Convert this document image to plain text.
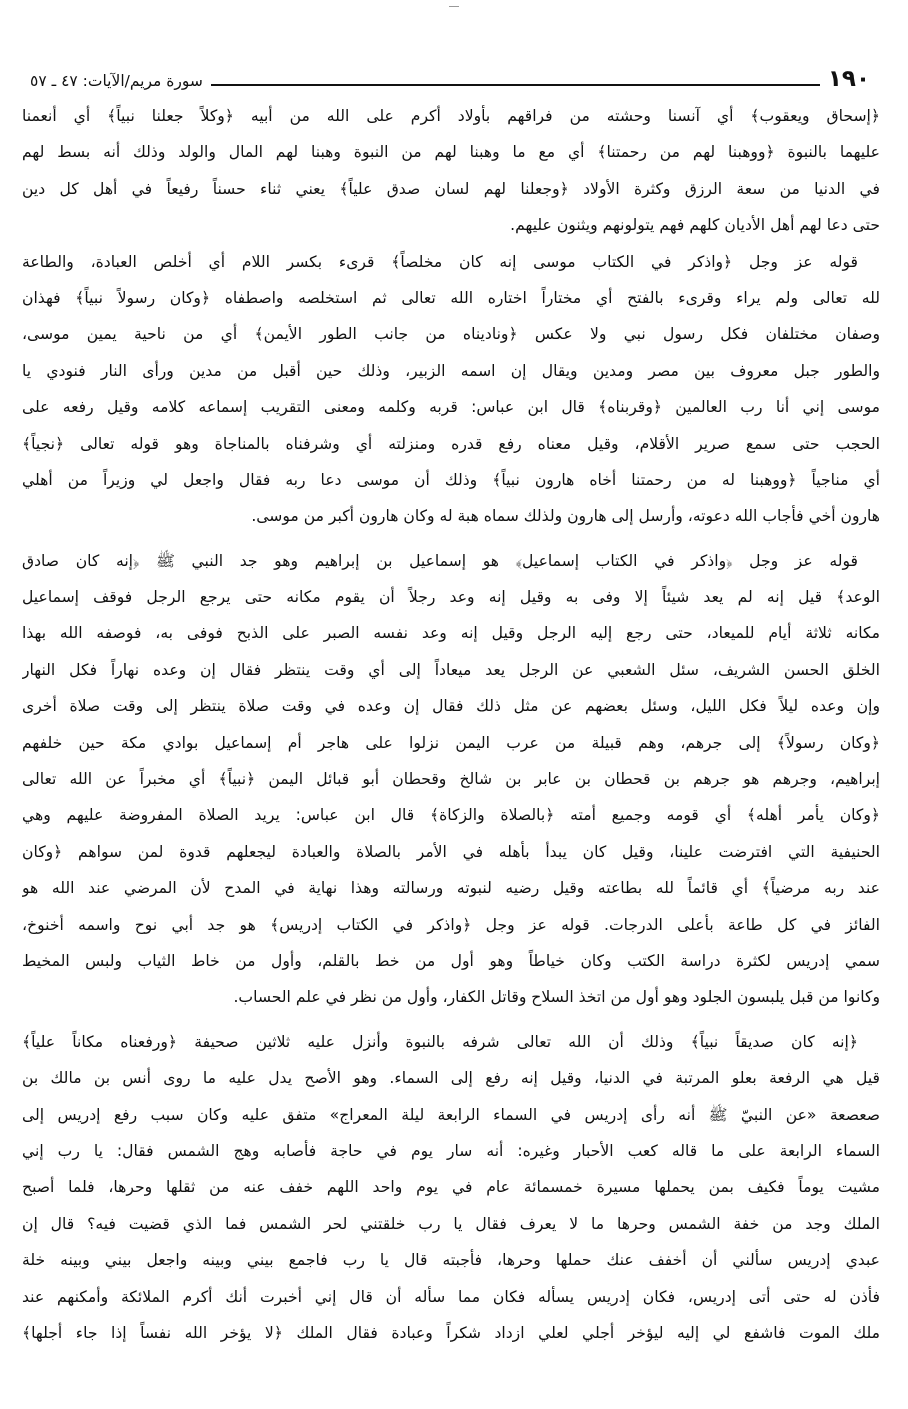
١٩٠
سورة مريم/الآيات: ٤٧ ـ ٥٧
﴿إسحاق ويعقوب﴾ أي آنسنا وحشته من فراقهم بأولاد أكرم على الله من أبيه ﴿وكلاً جعلنا نبياً﴾ أي أنعمنا
عليهما بالنبوة ﴿ووهبنا لهم من رحمتنا﴾ أي مع ما وهبنا لهم من النبوة وهبنا لهم المال والولد وذلك أنه بسط لهم
في الدنيا من سعة الرزق وكثرة الأولاد ﴿وجعلنا لهم لسان صدق علياً﴾ يعني ثناء حسناً رفيعاً في أهل كل دين
حتى دعا لهم أهل الأديان كلهم فهم يتولونهم ويثنون عليهم.
قوله عز وجل ﴿واذكر في الكتاب موسى إنه كان مخلصاً﴾ قرىء بكسر اللام أي أخلص العبادة، والطاعة
لله تعالى ولم يراء وقرىء بالفتح أي مختاراً اختاره الله تعالى ثم استخلصه واصطفاه ﴿وكان رسولاً نبياً﴾ فهذان
وصفان مختلفان فكل رسول نبي ولا عكس ﴿وناديناه من جانب الطور الأيمن﴾ أي من ناحية يمين موسى،
والطور جبل معروف بين مصر ومدين ويقال إن اسمه الزبير، وذلك حين أقبل من مدين ورأى النار فنودي يا
موسى إني أنا رب العالمين ﴿وقربناه﴾ قال ابن عباس: قربه وكلمه ومعنى التقريب إسماعه كلامه وقيل رفعه على
الحجب حتى سمع صرير الأقلام، وقيل معناه رفع قدره ومنزلته أي وشرفناه بالمناجاة وهو قوله تعالى ﴿نجياً﴾
أي مناجياً ﴿ووهبنا له من رحمتنا أخاه هارون نبياً﴾ وذلك أن موسى دعا ربه فقال واجعل لي وزيراً من أهلي
هارون أخي فأجاب الله دعوته، وأرسل إلى هارون ولذلك سماه هبة له وكان هارون أكبر من موسى.
قوله عز وجل ﴿واذكر في الكتاب إسماعيل﴾ هو إسماعيل بن إبراهيم وهو جد النبي ﷺ ﴿إنه كان صادق
الوعد﴾ قيل إنه لم يعد شيئاً إلا وفى به وقيل إنه وعد رجلاً أن يقوم مكانه حتى يرجع الرجل فوقف إسماعيل
مكانه ثلاثة أيام للميعاد، حتى رجع إليه الرجل وقيل إنه وعد نفسه الصبر على الذبح فوفى به، فوصفه الله بهذا
الخلق الحسن الشريف، سئل الشعبي عن الرجل يعد ميعاداً إلى أي وقت ينتظر فقال إن وعده نهاراً فكل النهار
وإن وعده ليلاً فكل الليل، وسئل بعضهم عن مثل ذلك فقال إن وعده في وقت صلاة ينتظر إلى وقت صلاة أخرى
﴿وكان رسولاً﴾ إلى جرهم، وهم قبيلة من عرب اليمن نزلوا على هاجر أم إسماعيل بوادي مكة حين خلفهم
إبراهيم، وجرهم هو جرهم بن قحطان بن عابر بن شالخ وقحطان أبو قبائل اليمن ﴿نبياً﴾ أي مخبراً عن الله تعالى
﴿وكان يأمر أهله﴾ أي قومه وجميع أمته ﴿بالصلاة والزكاة﴾ قال ابن عباس: يريد الصلاة المفروضة عليهم وهي
الحنيفية التي افترضت علينا، وقيل كان يبدأ بأهله في الأمر بالصلاة والعبادة ليجعلهم قدوة لمن سواهم ﴿وكان
عند ربه مرضياً﴾ أي قائماً لله بطاعته وقيل رضيه لنبوته ورسالته وهذا نهاية في المدح لأن المرضي عند الله هو
الفائز في كل طاعة بأعلى الدرجات. قوله عز وجل ﴿واذكر في الكتاب إدريس﴾ هو جد أبي نوح واسمه أخنوخ،
سمي إدريس لكثرة دراسة الكتب وكان خياطاً وهو أول من خط بالقلم، وأول من خاط الثياب ولبس المخيط
وكانوا من قبل يلبسون الجلود وهو أول من اتخذ السلاح وقاتل الكفار، وأول من نظر في علم الحساب.
﴿إنه كان صديقاً نبياً﴾ وذلك أن الله تعالى شرفه بالنبوة وأنزل عليه ثلاثين صحيفة ﴿ورفعناه مكاناً علياً﴾
قيل هي الرفعة بعلو المرتبة في الدنيا، وقيل إنه رفع إلى السماء. وهو الأصح يدل عليه ما روى أنس بن مالك بن
صعصعة «عن النبيّ ﷺ أنه رأى إدريس في السماء الرابعة ليلة المعراج» متفق عليه وكان سبب رفع إدريس إلى
السماء الرابعة على ما قاله كعب الأحبار وغيره: أنه سار يوم في حاجة فأصابه وهج الشمس فقال: يا رب إني
مشيت يوماً فكيف بمن يحملها مسيرة خمسمائة عام في يوم واحد اللهم خفف عنه من ثقلها وحرها، فلما أصبح
الملك وجد من خفة الشمس وحرها ما لا يعرف فقال يا رب خلقتني لحر الشمس فما الذي قضيت فيه؟ قال إن
عبدي إدريس سألني أن أخفف عنك حملها وحرها، فأجبته قال يا رب فاجمع بيني وبينه واجعل بيني وبينه خلة
فأذن له حتى أتى إدريس، فكان إدريس يسأله فكان مما سأله أن قال إني أخبرت أنك أكرم الملائكة وأمكنهم عند
ملك الموت فاشفع لي إليه ليؤخر أجلي لعلي ازداد شكراً وعبادة فقال الملك ﴿لا يؤخر الله نفساً إذا جاء أجلها﴾
